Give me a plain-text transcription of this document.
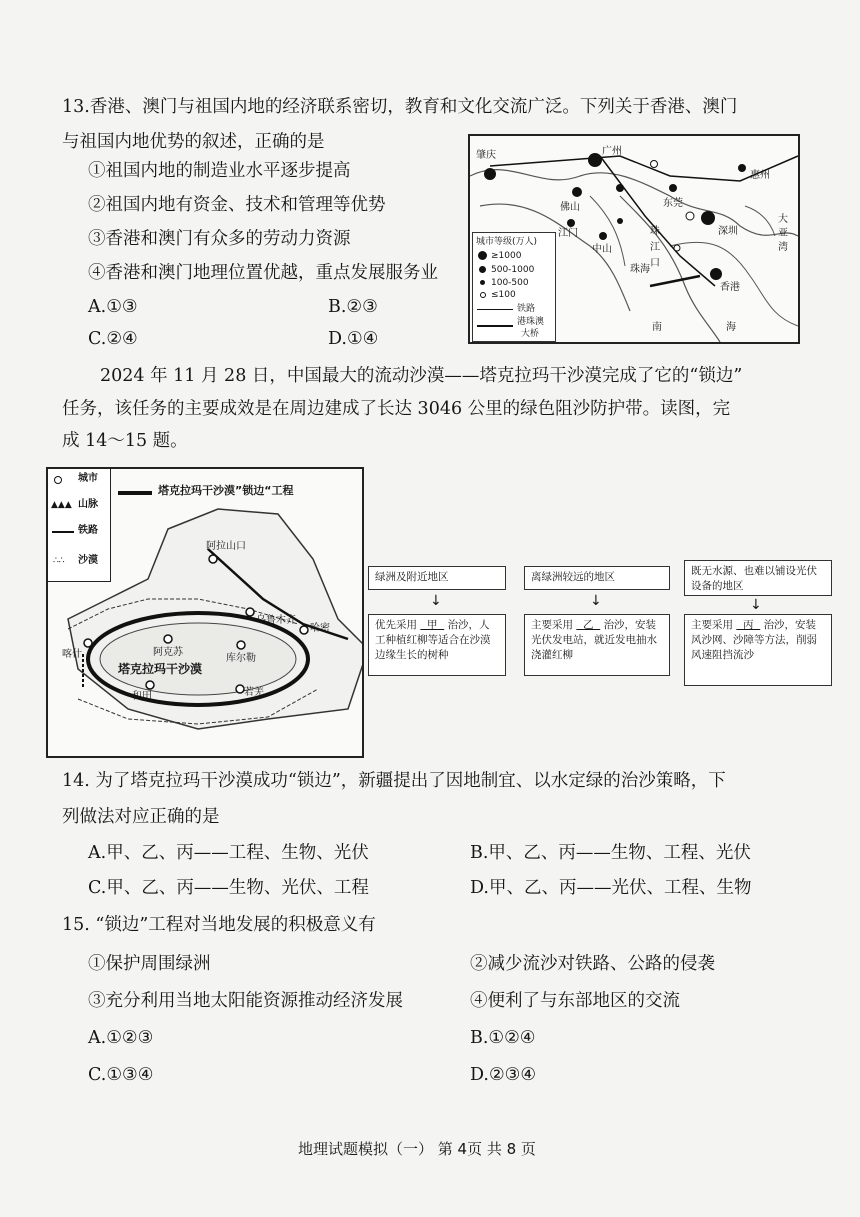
13.香港、澳门与祖国内地的经济联系密切，教育和文化交流广泛。下列关于香港、澳门
与祖国内地优势的叙述，正确的是
①祖国内地的制造业水平逐步提高
②祖国内地有资金、技术和管理等优势
③香港和澳门有众多的劳动力资源
④香港和澳门地理位置优越，重点发展服务业
A.①③	B.②③
C.②④	D.①④
肇庆	广州
佛山	东莞
惠州
江门
中山
深圳
珠海
香港
珠
江
口
大
亚
湾
南	海
城市等级(万人)
≥1000
500-1000
100-500
≤100
铁路
港珠澳
大桥
2024 年 11 月 28 日，中国最大的流动沙漠——塔克拉玛干沙漠完成了它的“锁边”
任务，该任务的主要成效是在周边建成了长达 3046 公里的绿色阻沙防护带。读图，完
成 14～15 题。
城市
▲▲▲ 山脉
铁路
∴∴ 沙漠
塔克拉玛干沙漠”锁边“工程
阿拉山口
乌鲁木齐
哈密
喀什	阿克苏
库尔勒
塔克拉玛干沙漠
和田	若羌
绿洲及附近地区
↓
优先采用 甲 治沙，人工种植红柳等适合在沙漠边缘生长的树种
离绿洲较远的地区
↓
主要采用 乙 治沙，安装光伏发电站，就近发电抽水浇灌红柳
既无水源、也难以铺设光伏设备的地区
↓
主要采用 丙 治沙，安装风沙网、沙障等方法，削弱风速阻挡流沙
14. 为了塔克拉玛干沙漠成功“锁边”，新疆提出了因地制宜、以水定绿的治沙策略，下
列做法对应正确的是
A.甲、乙、丙——工程、生物、光伏	B.甲、乙、丙——生物、工程、光伏
C.甲、乙、丙——生物、光伏、工程	D.甲、乙、丙——光伏、工程、生物
15. “锁边”工程对当地发展的积极意义有
①保护周围绿洲	②减少流沙对铁路、公路的侵袭
③充分利用当地太阳能资源推动经济发展	④便利了与东部地区的交流
A.①②③	B.①②④
C.①③④	D.②③④
地理试题模拟（一） 第 4页 共 8 页
